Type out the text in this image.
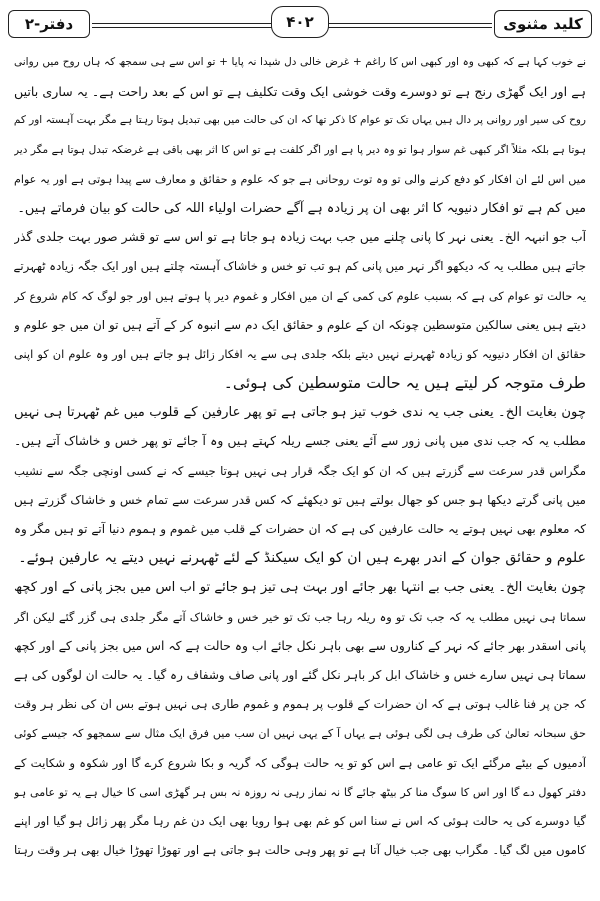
کلید مثنوی
۴۰۲
دفتر-۲
نے خوب کہا ہے کہ کبھی وہ اور کبھی اس کا راغم + غرض خالی دل شیدا نہ پایا + تو اس سے ہی سمجھ کہ ہاں روح میں روانی
ہے اور ایک گھڑی رنج ہے تو دوسرے وقت خوشی ایک وقت تکلیف ہے تو اس کے بعد راحت ہے۔ یہ ساری باتیں
روح کی سیر اور روانی پر دال ہیں یہاں تک تو عوام کا ذکر تھا کہ ان کی حالت میں بھی تبدیل ہوتا رہتا ہے مگر بہت آہستہ اور کم
ہوتا ہے بلکہ مثلاً اگر کبھی غم سوار ہوا تو وہ دیر پا ہے اور اگر کلفت ہے تو اس کا اثر بھی باقی ہے غرضکہ تبدل ہوتا ہے مگر دیر
میں اس لئے ان افکار کو دفع کرنے والی تو وہ توت روحانی ہے جو کہ علوم و حقائق و معارف سے پیدا ہوتی ہے اور یہ عوام
میں کم ہے تو افکار دنیویہ کا اثر بھی ان پر زیادہ ہے آگے حضرات اولیاء اللہ کی حالت کو بیان فرماتے ہیں۔
آب جو انبہہ الخ۔ یعنی نہر کا پانی چلنے میں جب بہت زیادہ ہو جاتا ہے تو اس سے تو قشر صور بہت جلدی گذر
جاتے ہیں مطلب یہ کہ دیکھو اگر نہر میں پانی کم ہو تب تو خس و خاشاک آہستہ چلتے ہیں اور ایک جگہ زیادہ ٹھہرتے
یہ حالت تو عوام کی ہے کہ بسبب علوم کی کمی کے ان میں افکار و غموم دیر پا ہوتے ہیں اور جو لوگ کہ کام شروع کر
دیتے ہیں یعنی سالکین متوسطین چونکہ ان کے علوم و حقائق ایک دم سے انبوہ کر کے آتے ہیں تو ان میں جو علوم و
حقائق ان افکار دنیویہ کو زیادہ ٹھہرنے نہیں دیتے بلکہ جلدی ہی سے یہ افکار زائل ہو جاتے ہیں اور وہ علوم ان کو اپنی
طرف متوجہ کر لیتے ہیں یہ حالت متوسطین کی ہوئی۔
چون بغایت الخ۔ یعنی جب یہ ندی خوب تیز ہو جاتی ہے تو پھر عارفین کے قلوب میں غم ٹھہرتا ہی نہیں
مطلب یہ کہ جب ندی میں پانی زور سے آئے یعنی جسے ریلہ کہتے ہیں وہ آ جائے تو پھر خس و خاشاک آتے ہیں۔
مگراس قدر سرعت سے گزرتے ہیں کہ ان کو ایک جگہ قرار ہی نہیں ہوتا جیسے کہ نے کسی اونچی جگہ سے نشیب
میں پانی گرتے دیکھا ہو جس کو جھال بولتے ہیں تو دیکھئے کہ کس قدر سرعت سے تمام خس و خاشاک گزرتے ہیں
کہ معلوم بھی نہیں ہوتے یہ حالت عارفین کی ہے کہ ان حضرات کے قلب میں غموم و ہموم دنیا آتے تو ہیں مگر وہ
علوم و حقائق جوان کے اندر بھرے ہیں ان کو ایک سیکنڈ کے لئے ٹھہرنے نہیں دیتے یہ عارفین ہوئے۔
چون بغایت الخ۔ یعنی جب بے انتہا بھر جائے اور بہت ہی تیز ہو جائے تو اب اس میں بجز پانی کے اور کچھ
سماتا ہی نہیں مطلب یہ کہ جب تک تو وہ ریلہ رہا جب تک تو خیر خس و خاشاک آتے مگر جلدی ہی گزر گئے لیکن اگر
پانی اسقدر بھر جائے کہ نہر کے کناروں سے بھی باہر نکل جائے اب وہ حالت ہے کہ اس میں بجز پانی کے اور کچھ
سماتا ہی نہیں سارے خس و خاشاک ابل کر باہر نکل گئے اور پانی صاف وشفاف رہ گیا۔ یہ حالت ان لوگوں کی ہے
کہ جن پر فنا غالب ہوتی ہے کہ ان حضرات کے قلوب پر ہموم و غموم طاری ہی نہیں ہوتے بس ان کی نظر ہر وقت
حق سبحانہ تعالیٰ کی طرف ہی لگی ہوئی ہے یہاں آ کے یہی نہیں ان سب میں فرق ایک مثال سے سمجھو کہ جیسے کوئی
آدمیوں کے بیٹے مرگئے ایک تو عامی ہے اس کو تو یہ حالت ہوگی کہ گریہ و بکا شروع کرے گا اور شکوہ و شکایت کے
دفتر کھول دے گا اور اس کا سوگ منا کر بیٹھ جائے گا نہ نماز رہی نہ روزہ نہ بس ہر گھڑی اسی کا خیال ہے یہ تو عامی ہو
گیا دوسرے کی یہ حالت ہوئی کہ اس نے سنا اس کو غم بھی ہوا رویا بھی ایک دن غم رہا مگر پھر زائل ہو گیا اور اپنے
کاموں میں لگ گیا۔ مگراب بھی جب خیال آتا ہے تو پھر وہی حالت ہو جاتی ہے اور تھوڑا تھوڑا خیال بھی ہر وقت رہتا
